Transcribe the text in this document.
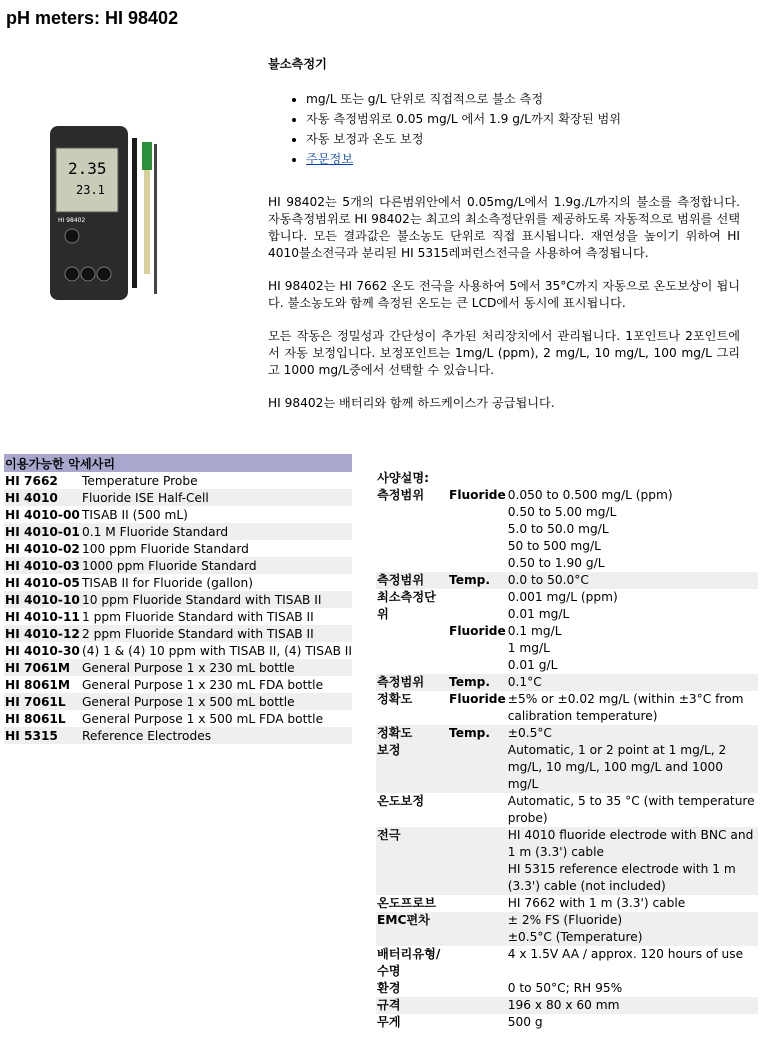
pH meters: HI 98402
2.35
23.1
HI 98402
불소측정기
• mg/L 또는 g/L 단위로 직접적으로 불소 측정
• 자동 측정범위로 0.05 mg/L 에서 1.9 g/L까지 확장된 범위
• 자동 보정과 온도 보정
• 주문정보

HI 98402는 5개의 다른범위안에서 0.05mg/L에서 1.9g./L까지의 불소를 측정합니다. 자동측정범위로 HI 98402는 최고의 최소측정단위를 제공하도록 자동적으로 범위를 선택합니다. 모든 결과값은 불소농도 단위로 직접 표시됩니다. 재연성을 높이기 위하여 HI 4010불소전극과 분리된 HI 5315레퍼런스전극을 사용하여 측정됩니다.

HI 98402는 HI 7662 온도 전극을 사용하여 5에서 35°C까지 자동으로 온도보상이 됩니다. 불소농도와 함께 측정된 온도는 큰 LCD에서 동시에 표시됩니다.

모든 작동은 정밀성과 간단성이 추가된 처리장치에서 관리됩니다. 1포인트나 2포인트에서 자동 보정입니다. 보정포인트는 1mg/L (ppm), 2 mg/L, 10 mg/L, 100 mg/L 그리고 1000 mg/L중에서 선택할 수 있습니다.

HI 98402는 배터리와 함께 하드케이스가 공급됩니다.

이용가능한 악세사리	
HI 7662	Temperature Probe
HI 4010	Fluoride ISE Half-Cell
HI 4010-00	TISAB II (500 mL)
HI 4010-01	0.1 M Fluoride Standard
HI 4010-02	100 ppm Fluoride Standard
HI 4010-03	1000 ppm Fluoride Standard
HI 4010-05	TISAB II for Fluoride (gallon)
HI 4010-10	10 ppm Fluoride Standard with TISAB II
HI 4010-11	1 ppm Fluoride Standard with TISAB II
HI 4010-12	2 ppm Fluoride Standard with TISAB II
HI 4010-30	(4) 1 & (4) 10 ppm with TISAB II, (4) TISAB II
HI 7061M	General Purpose 1 x 230 mL bottle
HI 8061M	General Purpose 1 x 230 mL FDA bottle
HI 7061L	General Purpose 1 x 500 mL bottle
HI 8061L	General Purpose 1 x 500 mL FDA bottle
HI 5315	Reference Electrodes
사양설명:		
측정범위	Fluoride	0.050 to 0.500 mg/L (ppm)
0.50 to 5.00 mg/L
5.0 to 50.0 mg/L
50 to 500 mg/L
0.50 to 1.90 g/L
측정범위	Temp.	0.0 to 50.0°C
최소측정단위		0.001 mg/L (ppm)
0.01 mg/L
	Fluoride	0.1 mg/L
1 mg/L
0.01 g/L
측정범위	Temp.	0.1°C
정확도	Fluoride	±5% or ±0.02 mg/L (within ±3°C from calibration temperature)
정확도	Temp.	±0.5°C
보정		Automatic, 1 or 2 point at 1 mg/L, 2 mg/L, 10 mg/L, 100 mg/L and 1000 mg/L
온도보정		Automatic, 5 to 35 °C (with temperature probe)
전극		HI 4010 fluoride electrode with BNC and 1 m (3.3') cable
HI 5315 reference electrode with 1 m (3.3') cable (not included)
온도프로브		HI 7662 with 1 m (3.3') cable
EMC편차		± 2% FS (Fluoride)
±0.5°C (Temperature)
배터리유형/수명		4 x 1.5V AA / approx. 120 hours of use
환경		0 to 50°C; RH 95%
규격		196 x 80 x 60 mm
무게		500 g
